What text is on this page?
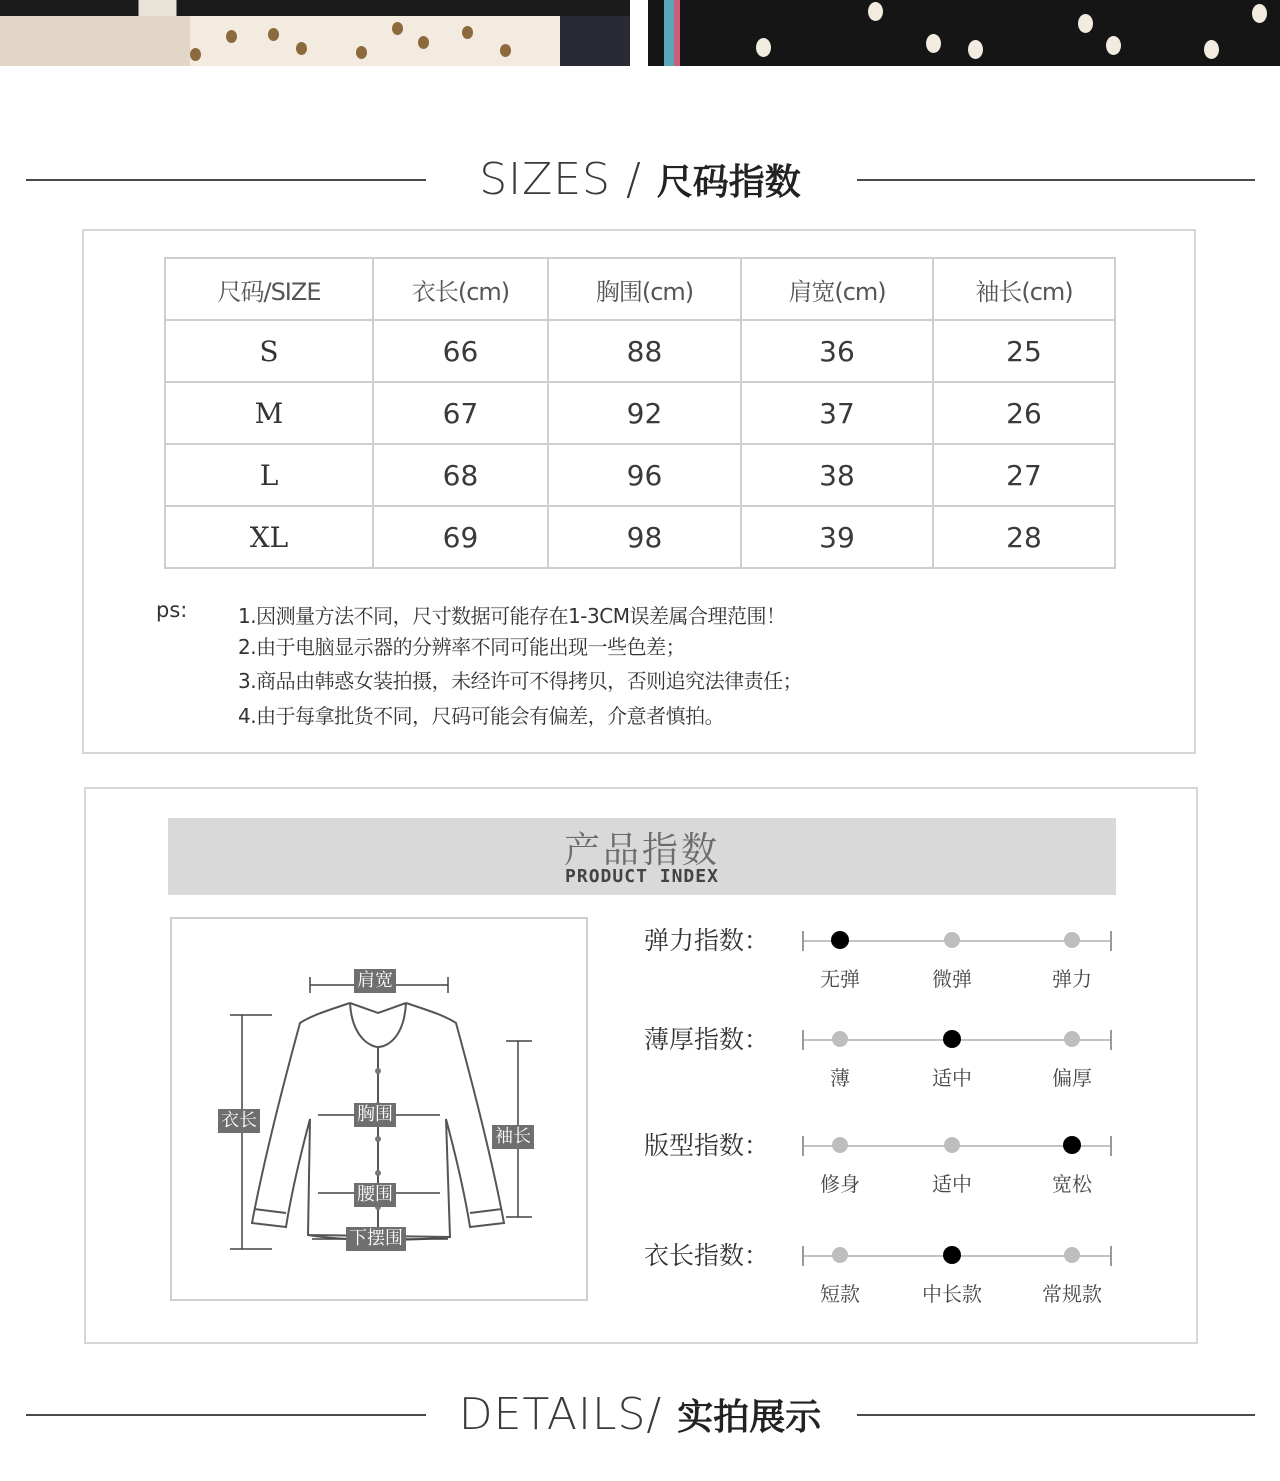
SIZES / 尺码指数
尺码/SIZE	衣长(cm)	胸围(cm)	肩宽(cm)	袖长(cm)
S	66	88	36	25
M	67	92	37	26
L	68	96	38	27
XL	69	98	39	28
ps:	1.因测量方法不同，尺寸数据可能存在1-3CM误差属合理范围！
2.由于电脑显示器的分辨率不同可能出现一些色差；
3.商品由韩惑女装拍摄，未经许可不得拷贝，否则追究法律责任；
4.由于每拿批货不同，尺码可能会有偏差，介意者慎拍。
产品指数
PRODUCT INDEX
肩宽
衣长	胸围
袖长
腰围
下摆围
弹力指数：
无弹	微弹	弹力
薄厚指数：
薄	适中	偏厚
版型指数：
修身	适中	宽松
衣长指数：
短款	中长款	常规款
DETAILS/ 实拍展示
